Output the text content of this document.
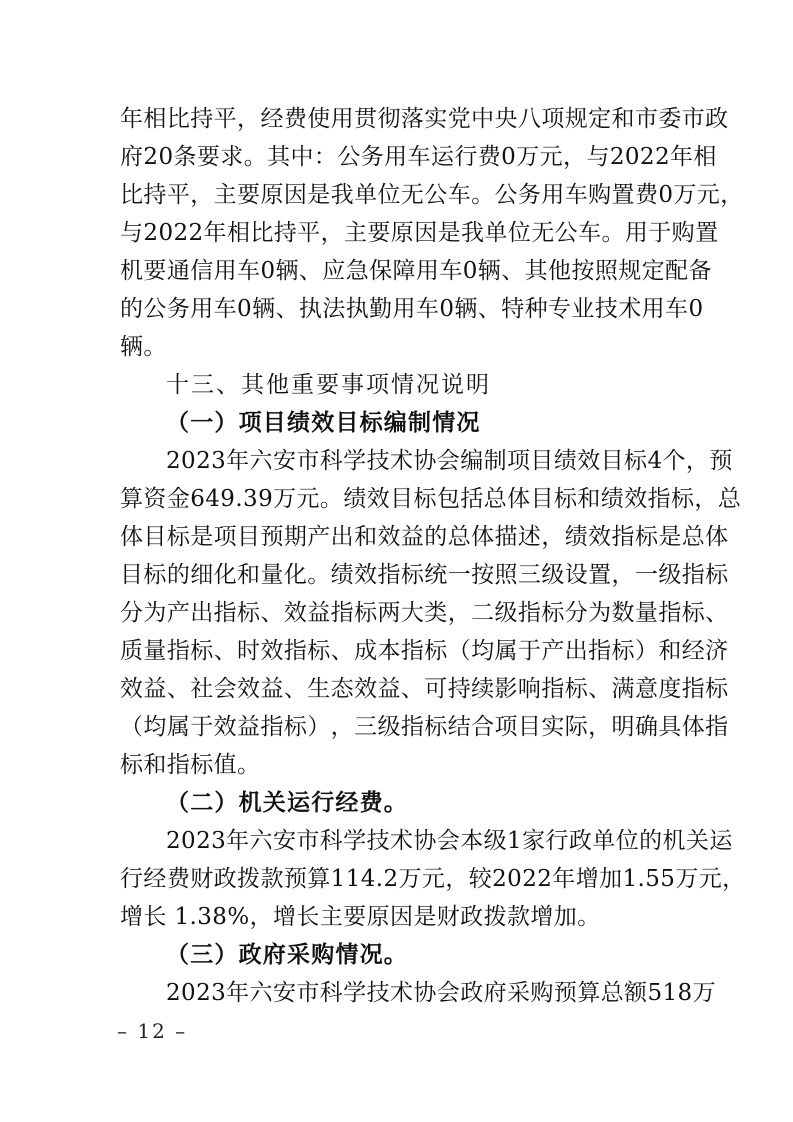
年 相 比 持 平 ， 经 费 使 用 贯 彻 落 实 党 中 央 八 项 规 定 和 市 委 市 政
府 20 条 要 求 。 其 中 ： 公 务 用 车 运 行 费 0 万 元 ， 与 2022 年 相
比 持 平 ， 主 要 原 因 是 我 单 位 无 公 车 。 公 务 用 车 购 置 费 0 万 元 ，
与 2022 年 相 比 持 平 ， 主 要 原 因 是 我 单 位 无 公 车 。 用 于 购 置
机 要 通 信 用 车 0 辆 、 应 急 保 障 用 车 0 辆 、 其 他 按 照 规 定 配 备
的 公 务 用 车 0 辆 、 执 法 执 勤 用 车 0 辆 、 特 种 专 业 技 术 用 车 0
辆。
十三、其他重要事项情况说明
（一）项目绩效目标编制情况
2023 年 六 安 市 科 学 技 术 协 会 编 制 项 目 绩 效 目 标 4 个 ， 预
算 资 金 649.39 万 元 。 绩 效 目 标 包 括 总 体 目 标 和 绩 效 指 标 ， 总
体 目 标 是 项 目 预 期 产 出 和 效 益 的 总 体 描 述 ， 绩 效 指 标 是 总 体
目 标 的 细 化 和 量 化 。 绩 效 指 标 统 一 按 照 三 级 设 置 ， 一 级 指 标
分 为 产 出 指 标 、 效 益 指 标 两 大 类 ， 二 级 指 标 分 为 数 量 指 标 、
质 量 指 标 、 时 效 指 标 、 成 本 指 标 （ 均 属 于 产 出 指 标 ） 和 经 济
效 益 、 社 会 效 益 、 生 态 效 益 、 可 持 续 影 响 指 标 、 满 意 度 指 标
（ 均 属 于 效 益 指 标 ） ， 三 级 指 标 结 合 项 目 实 际 ， 明 确 具 体 指
标和指标值。
（二）机关运行经费。
2023 年 六 安 市 科 学 技 术 协 会 本 级 1 家 行 政 单 位 的 机 关 运
行 经 费 财 政 拨 款 预 算 114.2 万 元 ， 较 2022 年 增 加 1.55 万 元 ，
增长 1.38%，增长主要原因是财政拨款增加。
（三）政府采购情况。
2023 年 六 安 市 科 学 技 术 协 会 政 府 采 购 预 算 总 额 518 万
– 12 –
